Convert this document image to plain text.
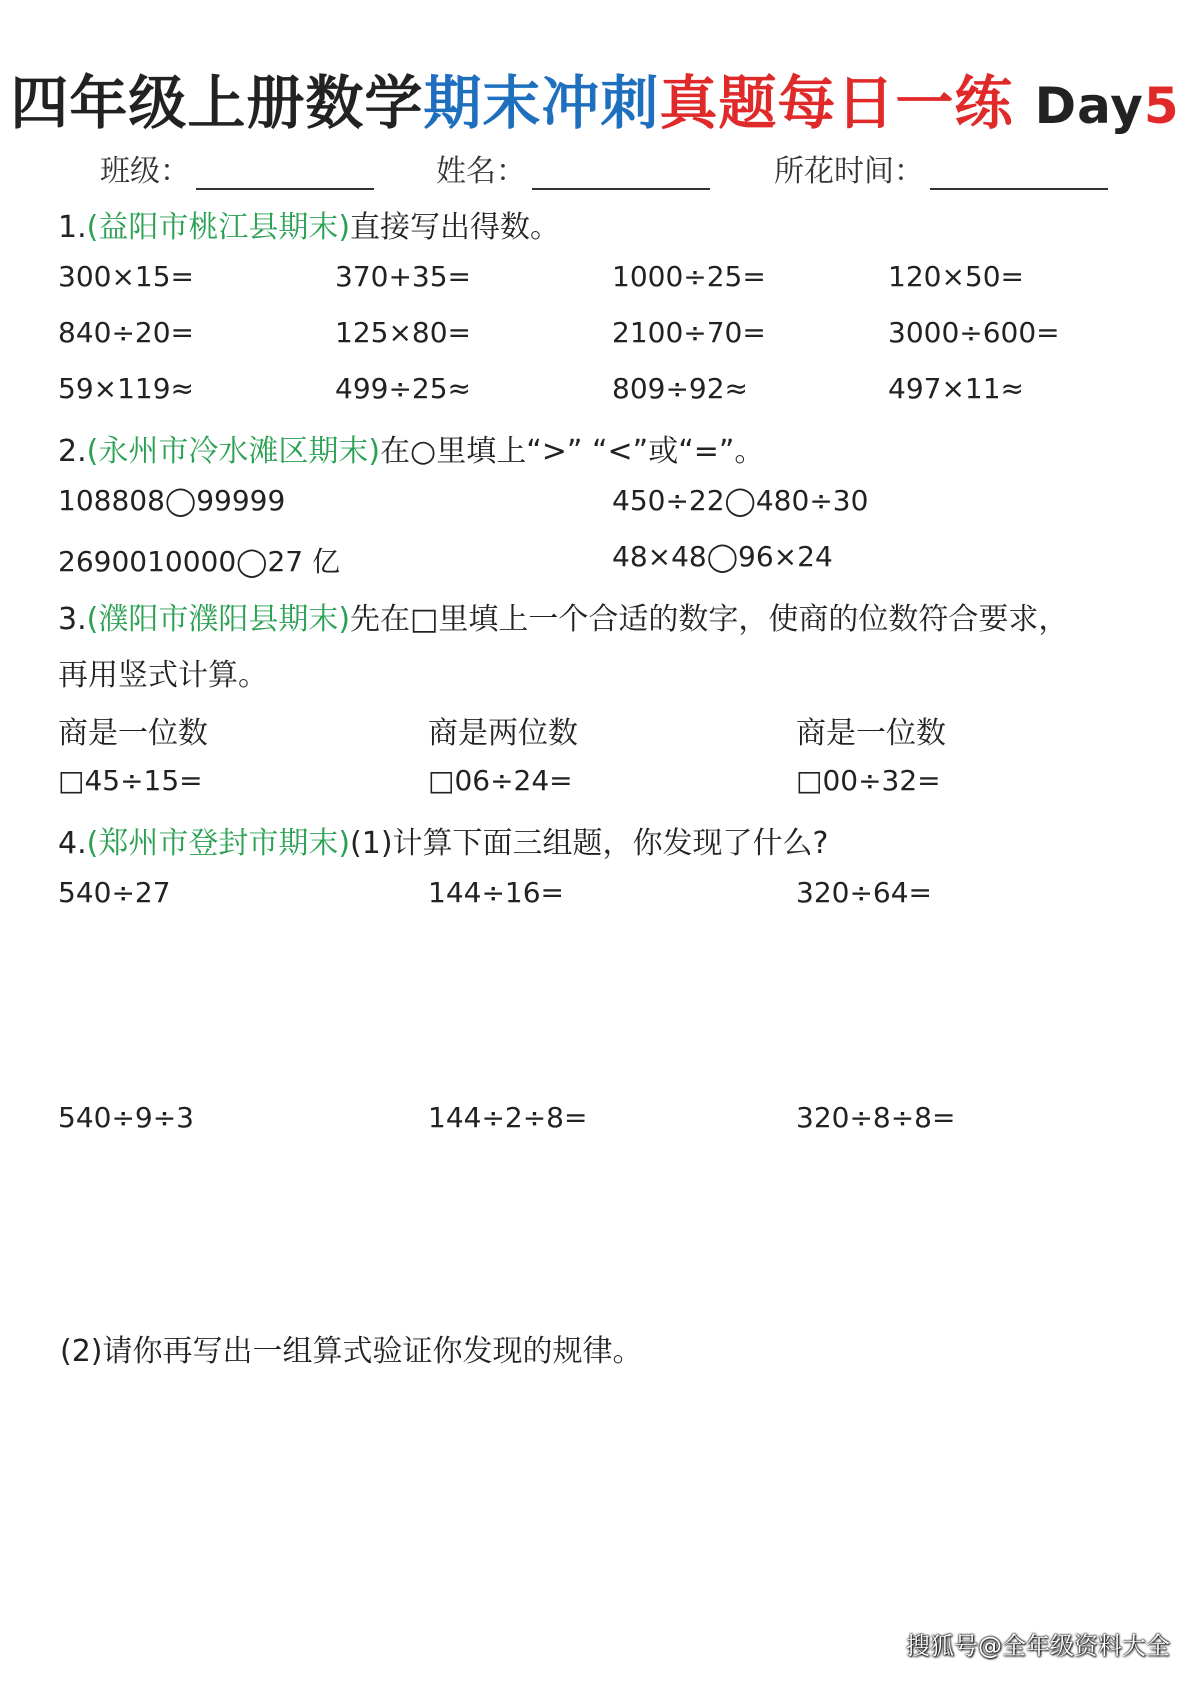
四年级上册数学期末冲刺真题每日一练 Day5
班级：	姓名：	所花时间：
1.(益阳市桃江县期末)直接写出得数。
300×15=	370+35=	1000÷25=	120×50=
840÷20=	125×80=	2100÷70=	3000÷600=
59×119≈	499÷25≈	809÷92≈	497×11≈
2.(永州市冷水滩区期末)在○里填上“>” “<”或“=”。
108808◯99999	450÷22◯480÷30
2690010000◯27 亿	48×48◯96×24
3.(濮阳市濮阳县期末)先在□里填上一个合适的数字，使商的位数符合要求，
再用竖式计算。
商是一位数	商是两位数	商是一位数
□45÷15=	□06÷24=	□00÷32=
4.(郑州市登封市期末)(1)计算下面三组题，你发现了什么?
540÷27	144÷16=	320÷64=
540÷9÷3	144÷2÷8=	320÷8÷8=
(2)请你再写出一组算式验证你发现的规律。
搜狐号@全年级资料大全
